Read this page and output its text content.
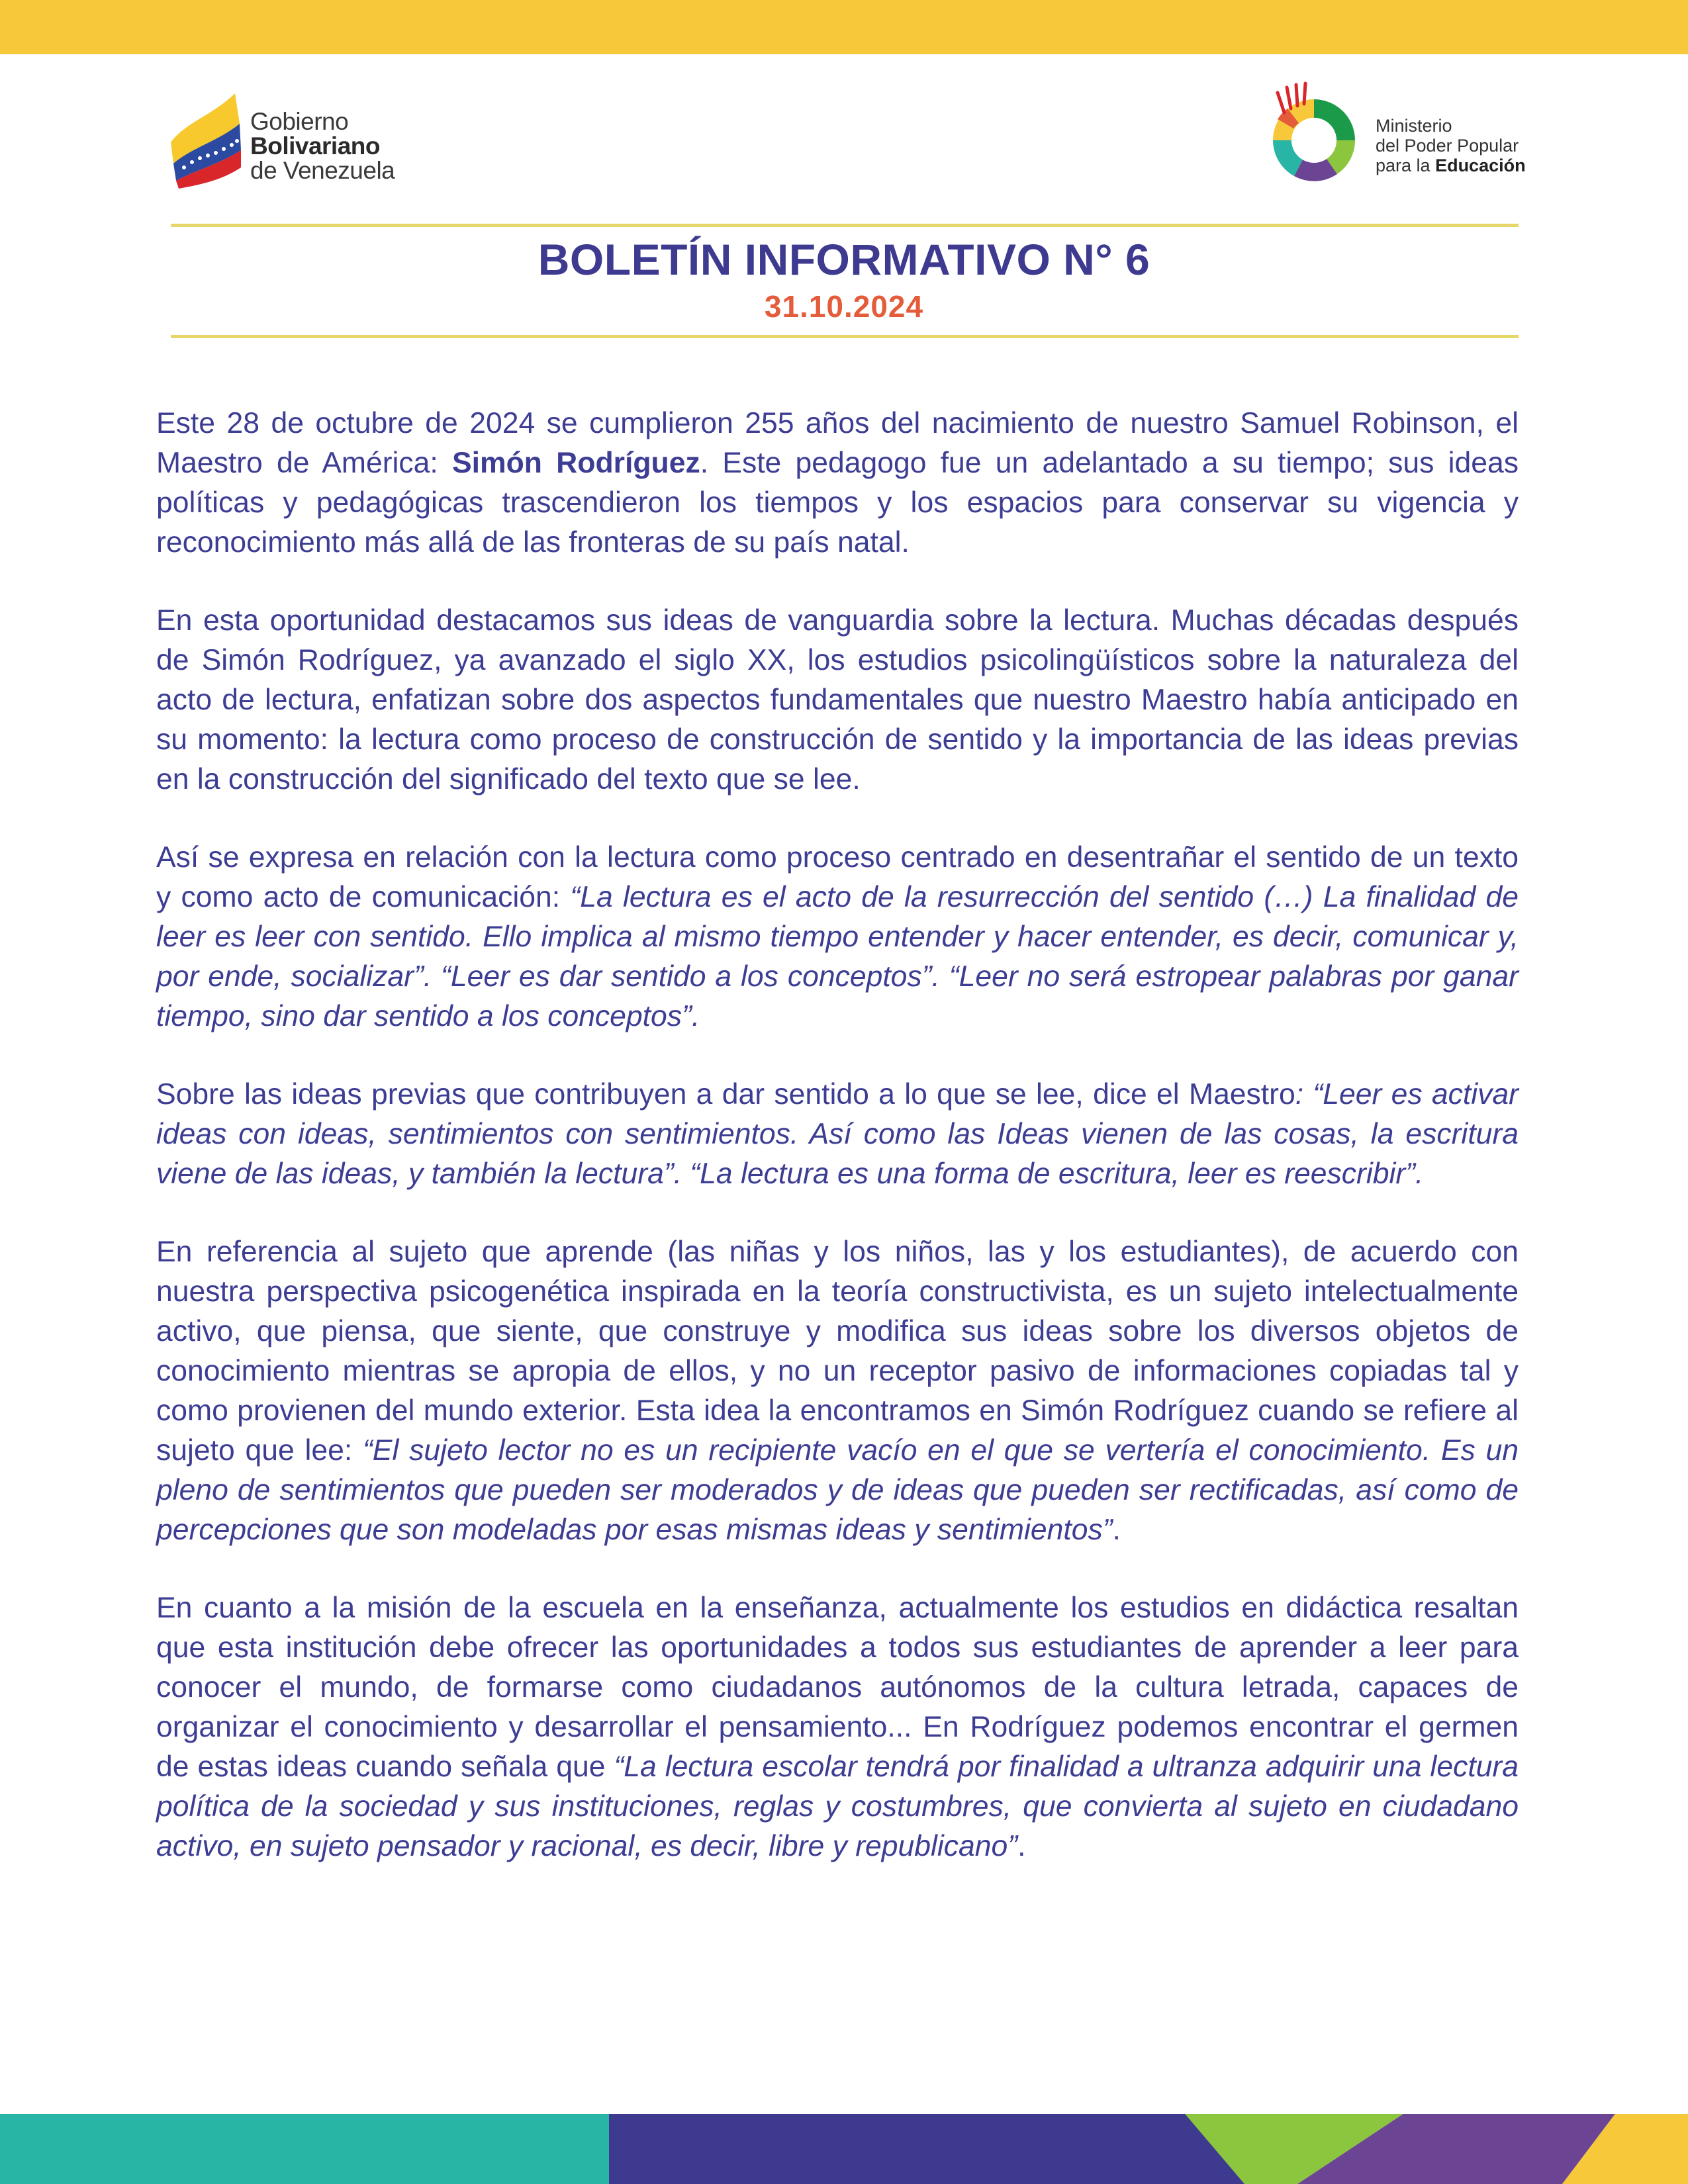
Gobierno
Bolivariano
de Venezuela
Ministerio
del Poder Popular
para la Educación
BOLETÍN INFORMATIVO N° 6
31.10.2024

Este 28 de octubre de 2024 se cumplieron 255 años del nacimiento de nuestro Samuel Robinson, el Maestro de América: Simón Rodríguez. Este pedagogo fue un adelantado a su tiempo; sus ideas políticas y pedagógicas trascendieron los tiempos y los espacios para conservar su vigencia y reconocimiento más allá de las fronteras de su país natal.

En esta oportunidad destacamos sus ideas de vanguardia sobre la lectura. Muchas décadas después de Simón Rodríguez, ya avanzado el siglo XX, los estudios psicolingüísticos sobre la naturaleza del acto de lectura, enfatizan sobre dos aspectos fundamentales que nuestro Maestro había anticipado en su momento: la lectura como proceso de construcción de sentido y la importancia de las ideas previas en la construcción del significado del texto que se lee.

Así se expresa en relación con la lectura como proceso centrado en desentrañar el sentido de un texto y como acto de comunicación: “La lectura es el acto de la resurrección del sentido (…) La finalidad de leer es leer con sentido. Ello implica al mismo tiempo entender y hacer entender, es decir, comunicar y, por ende, socializar”. “Leer es dar sentido a los conceptos”. “Leer no será estropear palabras por ganar tiempo, sino dar sentido a los conceptos”.

Sobre las ideas previas que contribuyen a dar sentido a lo que se lee, dice el Maestro: “Leer es activar ideas con ideas, sentimientos con sentimientos. Así como las Ideas vienen de las cosas, la escritura viene de las ideas, y también la lectura”. “La lectura es una forma de escritura, leer es reescribir”.

En referencia al sujeto que aprende (las niñas y los niños, las y los estudiantes), de acuerdo con nuestra perspectiva psicogenética inspirada en la teoría constructivista, es un sujeto intelectualmente activo, que piensa, que siente, que construye y modifica sus ideas sobre los diversos objetos de conocimiento mientras se apropia de ellos, y no un receptor pasivo de informaciones copiadas tal y como provienen del mundo exterior. Esta idea la encontramos en Simón Rodríguez cuando se refiere al sujeto que lee: “El sujeto lector no es un recipiente vacío en el que se vertería el conocimiento. Es un pleno de sentimientos que pueden ser moderados y de ideas que pueden ser rectificadas, así como de percepciones que son modeladas por esas mismas ideas y sentimientos”.

En cuanto a la misión de la escuela en la enseñanza, actualmente los estudios en didáctica resaltan que esta institución debe ofrecer las oportunidades a todos sus estudiantes de aprender a leer para conocer el mundo, de formarse como ciudadanos autónomos de la cultura letrada, capaces de organizar el conocimiento y desarrollar el pensamiento... En Rodríguez podemos encontrar el germen de estas ideas cuando señala que “La lectura escolar tendrá por finalidad a ultranza adquirir una lectura política de la sociedad y sus instituciones, reglas y costumbres, que convierta al sujeto en ciudadano activo, en sujeto pensador y racional, es decir, libre y republicano”.
